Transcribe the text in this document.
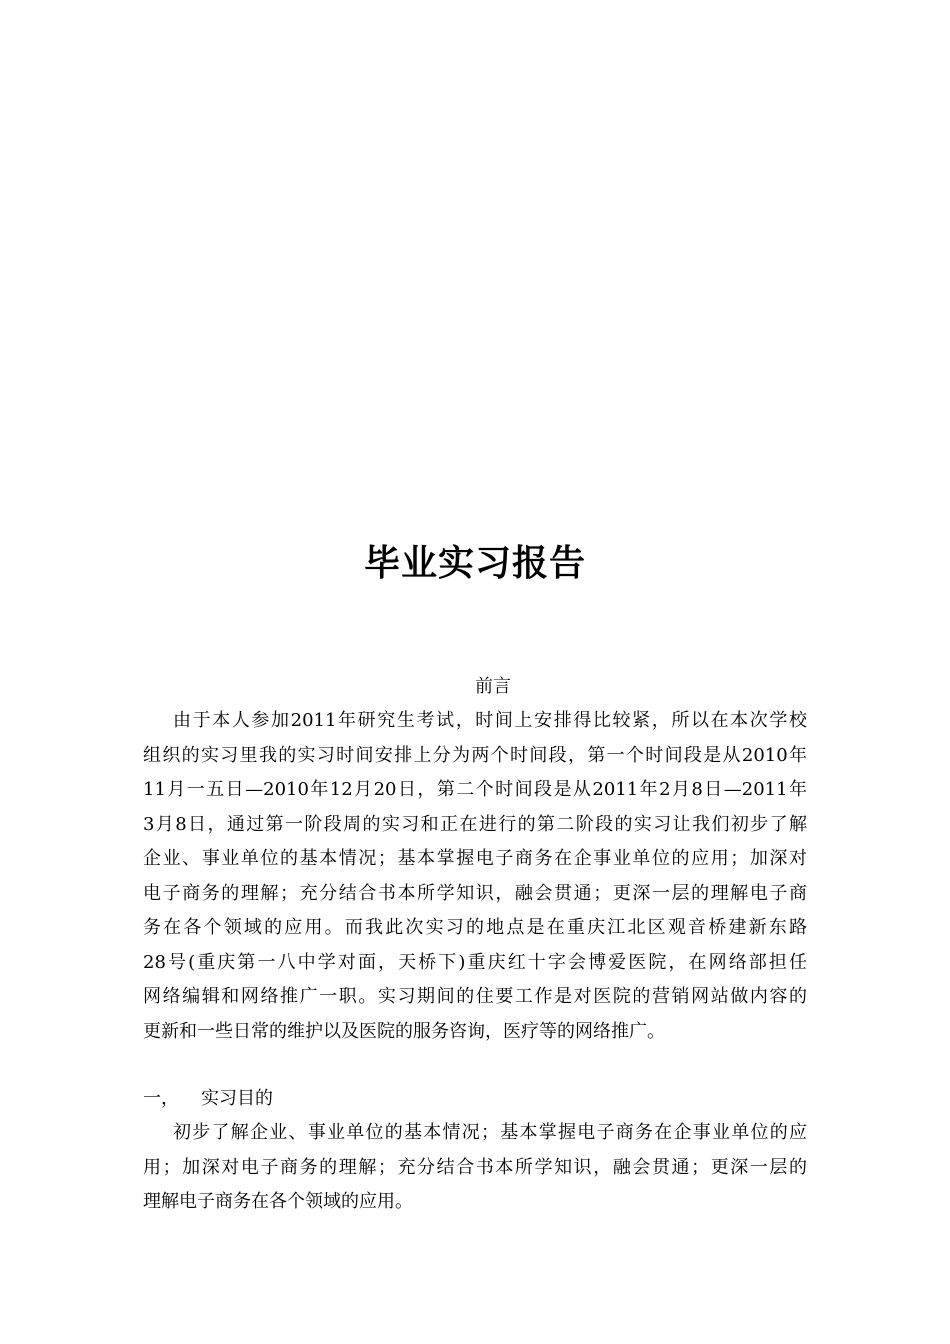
毕业实习报告
前言
由于本人参加2011年研究生考试，时间上安排得比较紧，所以在本次学校
组织的实习里我的实习时间安排上分为两个时间段，第一个时间段是从2010年
11月一五日—2010年12月20日，第二个时间段是从2011年2月8日—2011年
3月8日，通过第一阶段周的实习和正在进行的第二阶段的实习让我们初步了解
企业、事业单位的基本情况；基本掌握电子商务在企事业单位的应用；加深对
电子商务的理解；充分结合书本所学知识，融会贯通；更深一层的理解电子商
务在各个领域的应用。而我此次实习的地点是在重庆江北区观音桥建新东路
28号(重庆第一八中学对面，天桥下)重庆红十字会博爱医院，在网络部担任
网络编辑和网络推广一职。实习期间的住要工作是对医院的营销网站做内容的
更新和一些日常的维护以及医院的服务咨询，医疗等的网络推广。
一， 实习目的
初步了解企业、事业单位的基本情况；基本掌握电子商务在企事业单位的应
用；加深对电子商务的理解；充分结合书本所学知识，融会贯通；更深一层的
理解电子商务在各个领域的应用。
